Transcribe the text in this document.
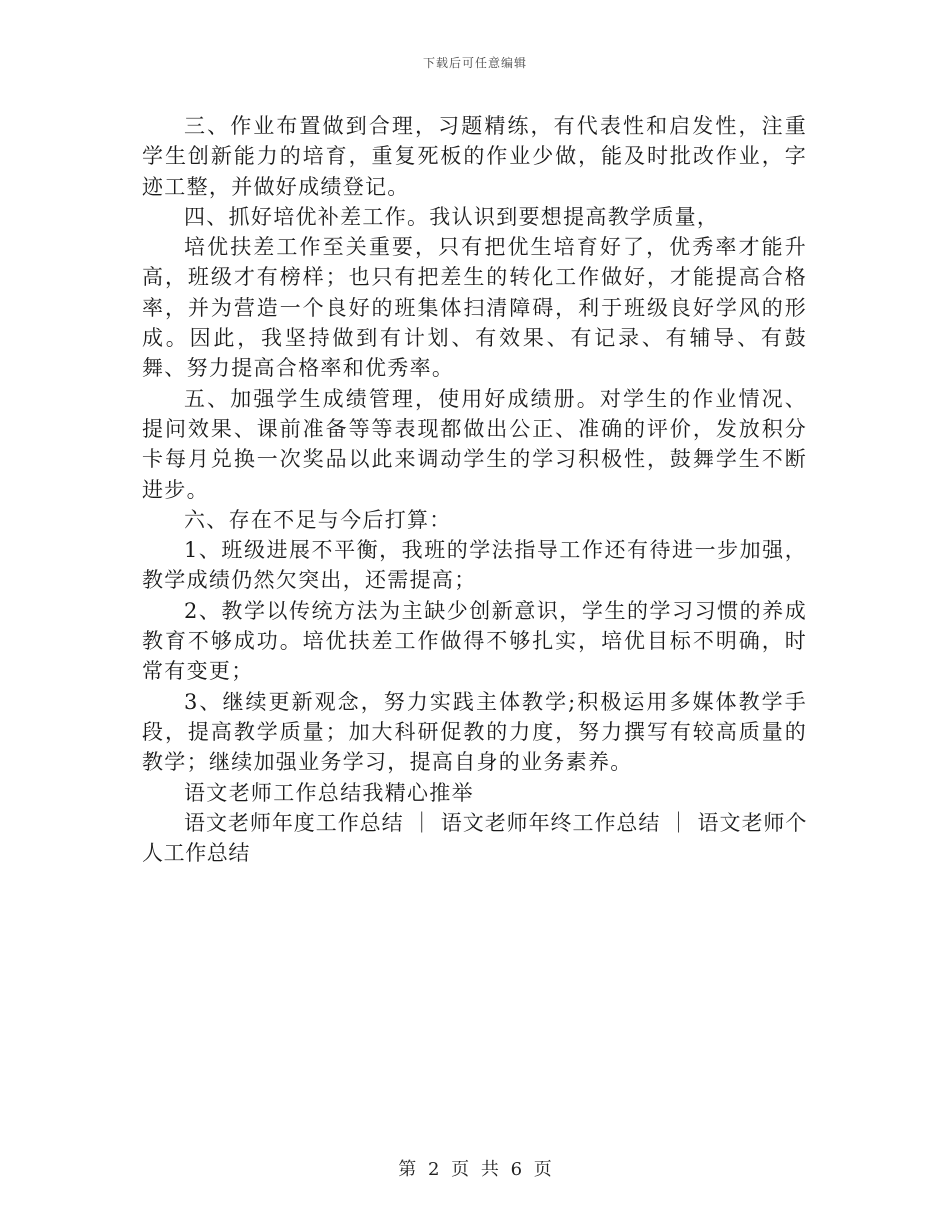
下载后可任意编辑

三、作业布置做到合理，习题精练，有代表性和启发性，注重学生创新能力的培育，重复死板的作业少做，能及时批改作业，字迹工整，并做好成绩登记。

四、抓好培优补差工作。我认识到要想提高教学质量，

培优扶差工作至关重要，只有把优生培育好了，优秀率才能升高，班级才有榜样；也只有把差生的转化工作做好，才能提高合格率，并为营造一个良好的班集体扫清障碍，利于班级良好学风的形成。因此，我坚持做到有计划、有效果、有记录、有辅导、有鼓舞、努力提高合格率和优秀率。

五、加强学生成绩管理，使用好成绩册。对学生的作业情况、提问效果、课前准备等等表现都做出公正、准确的评价，发放积分卡每月兑换一次奖品以此来调动学生的学习积极性，鼓舞学生不断进步。

六、存在不足与今后打算：

1、班级进展不平衡，我班的学法指导工作还有待进一步加强，教学成绩仍然欠突出，还需提高；

2、教学以传统方法为主缺少创新意识，学生的学习习惯的养成教育不够成功。培优扶差工作做得不够扎实，培优目标不明确，时常有变更；

3、继续更新观念，努力实践主体教学;积极运用多媒体教学手段，提高教学质量；加大科研促教的力度，努力撰写有较高质量的教学；继续加强业务学习，提高自身的业务素养。

语文老师工作总结我精心推举

语文老师年度工作总结 ｜ 语文老师年终工作总结 ｜ 语文老师个人工作总结

第 2 页 共 6 页
